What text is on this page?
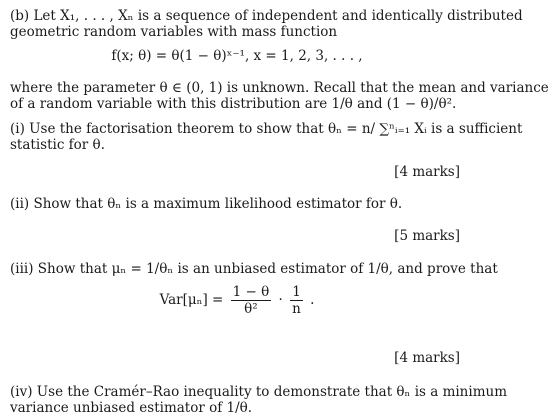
(b) Let X₁, . . . , Xₙ is a sequence of independent and identically distributed
geometric random variables with mass function
f(x; θ) = θ(1 − θ)ˣ⁻¹, x = 1, 2, 3, . . . ,
where the parameter θ ∈ (0, 1) is unknown. Recall that the mean and variance
of a random variable with this distribution are 1/θ and (1 − θ)/θ².
(i) Use the factorisation theorem to show that θₙ = n/ ∑ⁿᵢ₌₁ Xᵢ is a sufficient
statistic for θ.
[4 marks]
(ii) Show that θₙ is a maximum likelihood estimator for θ.
[5 marks]
(iii) Show that μₙ = 1/θₙ is an unbiased estimator of 1/θ, and prove that
$Var[\mu_n] = \frac{1 - \theta}{\text{θ²}} \cdot \frac{1}{n}$ .
[4 marks]
(iv) Use the Cramér–Rao inequality to demonstrate that θₙ is a minimum
variance unbiased estimator of 1/θ.
